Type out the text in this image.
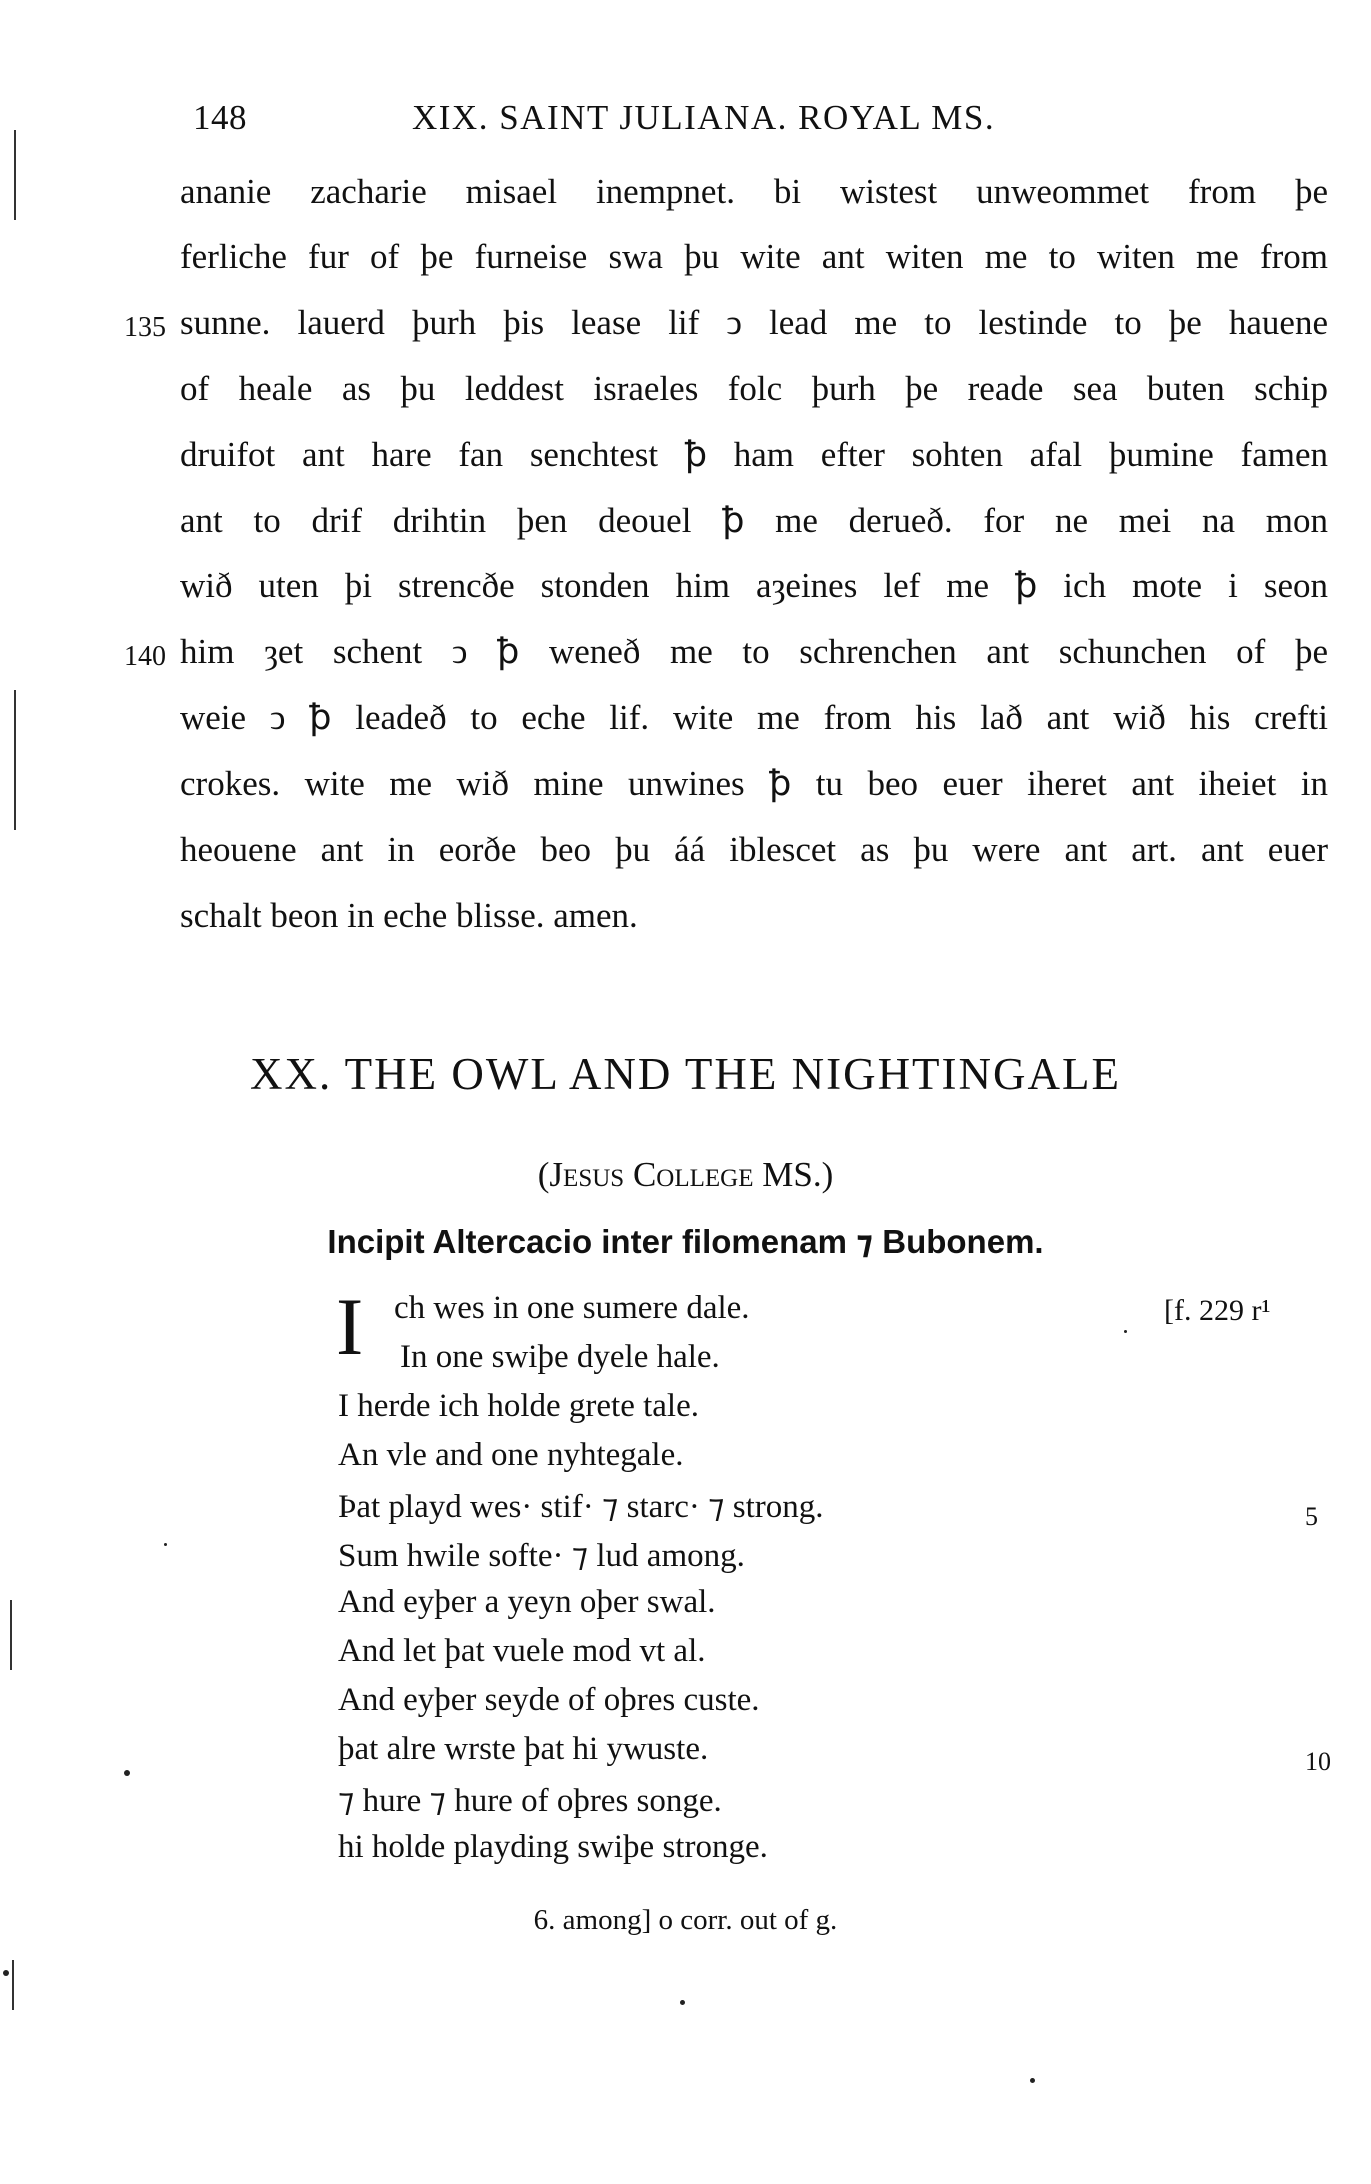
148	XIX. SAINT JULIANA. ROYAL MS.
ananie zacharie misael inempnet. bi wistest unweommet from þe
ferliche fur of þe furneise swa þu wite ant witen me to witen me from
sunne. lauerd þurh þis lease lif ↄ lead me to lestinde to þe hauene
of heale as þu leddest israeles folc þurh þe reade sea buten schip
druifot ant hare fan senchtest ꝥ ham efter sohten afal þumine famen
ant to drif drihtin þen deouel ꝥ me derueð. for ne mei na mon
wið uten þi strencðe stonden him aȝeines lef me ꝥ ich mote i seon
him ȝet schent ↄ ꝥ weneð me to schrenchen ant schunchen of þe
weie ↄ ꝥ leadeð to eche lif. wite me from his lað ant wið his crefti
crokes. wite me wið mine unwines ꝥ tu beo euer iheret ant iheiet in
heouene ant in eorðe beo þu áá iblescet as þu were ant art. ant euer
schalt beon in eche blisse. amen.
135
140
XX. THE OWL AND THE NIGHTINGALE
(Jesus College MS.)
Incipit Altercacio inter filomenam ⁊ Bubonem.
I	[f. 229 r¹
ch wes in one sumere dale.
In one swiþe dyele hale.
I herde ich holde grete tale.
An vle and one nyhtegale.
Þat playd wes· stif· ⁊ starc· ⁊ strong.
Sum hwile softe· ⁊ lud among.
And eyþer a yeyn oþer swal.
And let þat vuele mod vt al.
And eyþer seyde of oþres custe.
þat alre wrste þat hi ywuste.
⁊ hure ⁊ hure of oþres songe.
hi holde playding swiþe stronge.
5
10
6. among] o corr. out of g.
